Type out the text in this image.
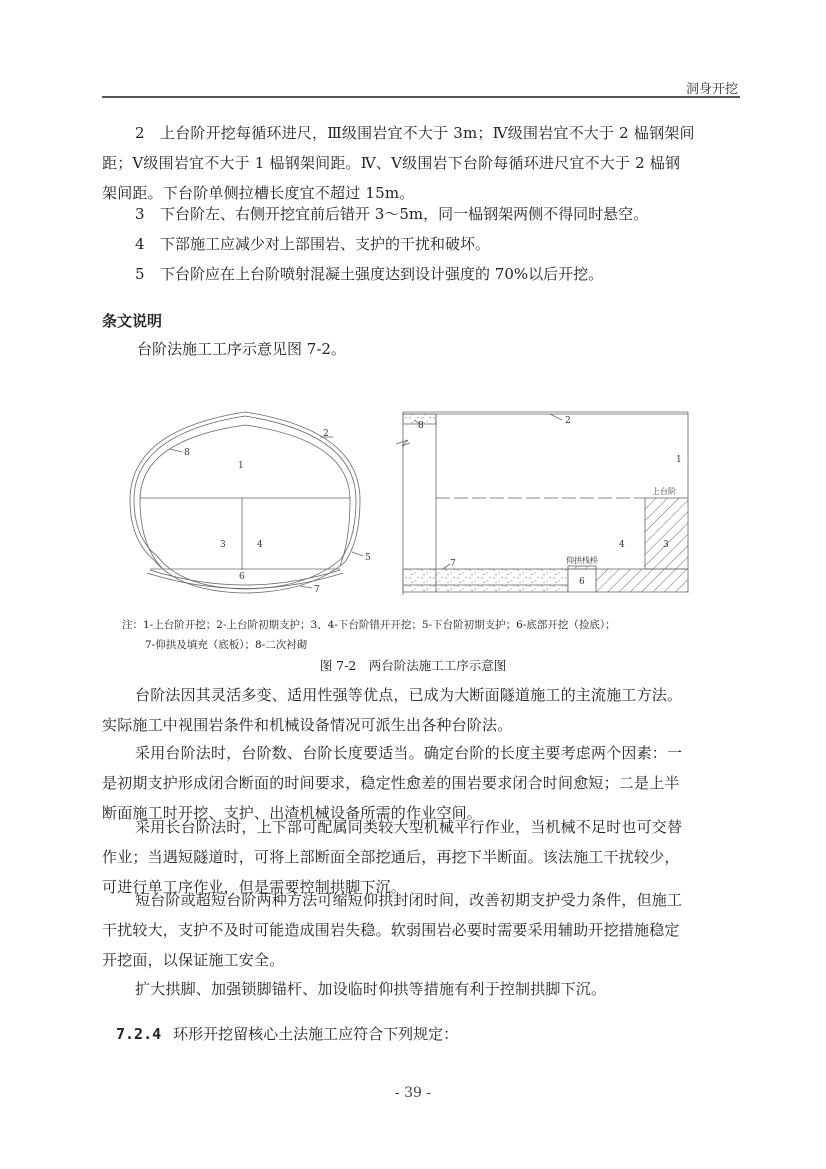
洞身开挖
2 上台阶开挖每循环进尺，Ⅲ级围岩宜不大于 3m；Ⅳ级围岩宜不大于 2 榀钢架间
距；Ⅴ级围岩宜不大于 1 榀钢架间距。Ⅳ、Ⅴ级围岩下台阶每循环进尺宜不大于 2 榀钢
架间距。下台阶单侧拉槽长度宜不超过 15m。
3 下台阶左、右侧开挖宜前后错开 3～5m，同一榀钢架两侧不得同时悬空。
4 下部施工应减少对上部围岩、支护的干扰和破坏。
5 下台阶应在上台阶喷射混凝土强度达到设计强度的 70%以后开挖。
条文说明
台阶法施工工序示意见图 7-2。
1
2
3	4
5
6
7
8
1
2
3
4
6
7
8
上台阶
仰拱栈桥
注：1-上台阶开挖；2-上台阶初期支护；3、4-下台阶错开开挖；5-下台阶初期支护；6-底部开挖（捡底）；
7-仰拱及填充（底板）；8-二次衬砌
图 7-2　两台阶法施工工序示意图
台阶法因其灵活多变、适用性强等优点，已成为大断面隧道施工的主流施工方法。
实际施工中视围岩条件和机械设备情况可派生出各种台阶法。
采用台阶法时，台阶数、台阶长度要适当。确定台阶的长度主要考虑两个因素：一
是初期支护形成闭合断面的时间要求，稳定性愈差的围岩要求闭合时间愈短；二是上半
断面施工时开挖、支护、出渣机械设备所需的作业空间。
采用长台阶法时，上下部可配属同类较大型机械平行作业，当机械不足时也可交替
作业；当遇短隧道时，可将上部断面全部挖通后，再挖下半断面。该法施工干扰较少，
可进行单工序作业，但是需要控制拱脚下沉。
短台阶或超短台阶两种方法可缩短仰拱封闭时间，改善初期支护受力条件，但施工
干扰较大，支护不及时可能造成围岩失稳。软弱围岩必要时需要采用辅助开挖措施稳定
开挖面，以保证施工安全。
扩大拱脚、加强锁脚锚杆、加设临时仰拱等措施有利于控制拱脚下沉。
7.2.4 环形开挖留核心土法施工应符合下列规定：
- 39 -
